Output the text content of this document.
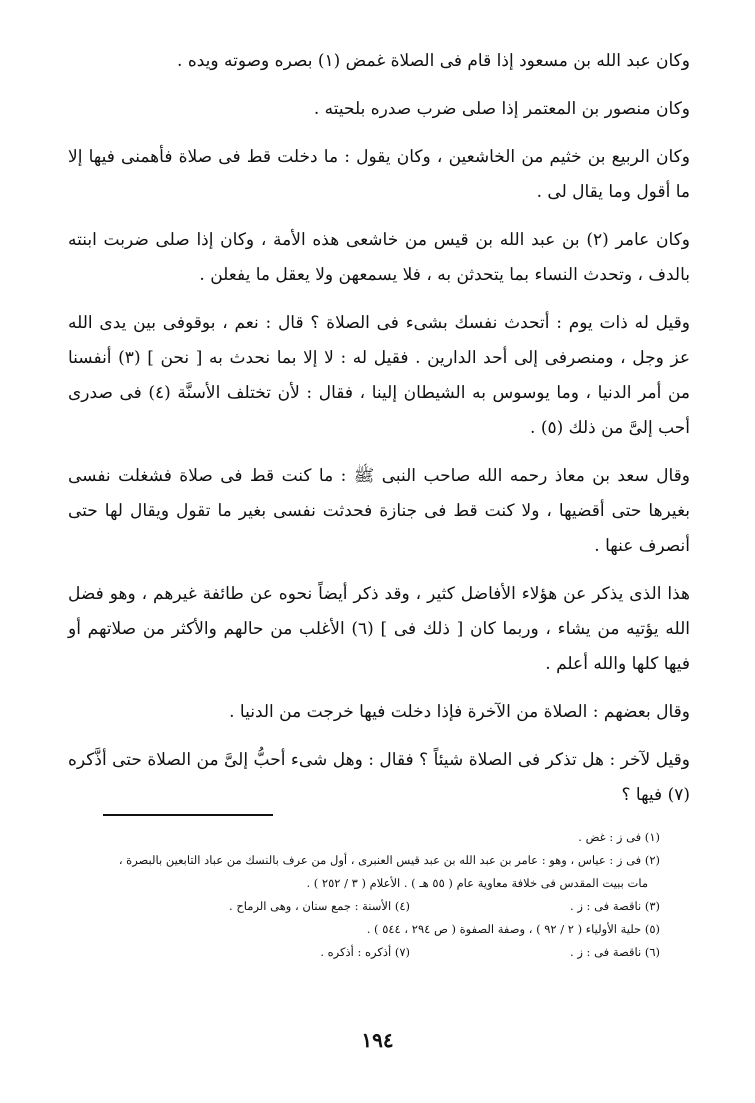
وكان عبد الله بن مسعود إذا قام فى الصلاة غمض (١) بصره وصوته ويده .

وكان منصور بن المعتمر إذا صلى ضرب صدره بلحيته .

وكان الربيع بن خثيم من الخاشعين ، وكان يقول : ما دخلت قط فى صلاة فأهمنى فيها إلا ما أقول وما يقال لى .

وكان عامر (٢) بن عبد الله بن قيس من خاشعى هذه الأمة ، وكان إذا صلى ضربت ابنته بالدف ، وتحدث النساء بما يتحدثن به ، فلا يسمعهن ولا يعقل ما يفعلن .

وقيل له ذات يوم : أتحدث نفسك بشىء فى الصلاة ؟ قال : نعم ، بوقوفى بين يدى الله عز وجل ، ومنصرفى إلى أحد الدارين . فقيل له : لا إلا بما نحدث به [ نحن ] (٣) أنفسنا من أمر الدنيا ، وما يوسوس به الشيطان إلينا ، فقال : لأن تختلف الأسنَّة (٤) فى صدرى أحب إلىَّ من ذلك (٥) .

وقال سعد بن معاذ رحمه الله صاحب النبى ﷺ : ما كنت قط فى صلاة فشغلت نفسى بغيرها حتى أقضيها ، ولا كنت قط فى جنازة فحدثت نفسى بغير ما تقول ويقال لها حتى أنصرف عنها .

هذا الذى يذكر عن هؤلاء الأفاضل كثير ، وقد ذكر أيضاً نحوه عن طائفة غيرهم ، وهو فضل الله يؤتيه من يشاء ، وربما كان [ ذلك فى ] (٦) الأغلب من حالهم والأكثر من صلاتهم أو فيها كلها والله أعلم .

وقال بعضهم : الصلاة من الآخرة فإذا دخلت فيها خرجت من الدنيا .

وقيل لآخر : هل تذكر فى الصلاة شيئاً ؟ فقال : وهل شىء أحبُّ إلىَّ من الصلاة حتى أذَّكره (٧) فيها ؟

(١) فى ز : غض .

(٢) فى ز : عياس ، وهو : عامر بن عبد الله بن عبد قيس العنبرى ، أول من عرف بالنسك من عباد التابعين بالبصرة ،

مات ببيت المقدس فى خلافة معاوية عام ( ٥٥ هـ ) . الأعلام ( ٣ / ٢٥٢ ) .

(٣) ناقصة فى : ز .
(٤) الأسنة : جمع سنان ، وهى الرماح .

(٥) حلية الأولياء ( ٢ / ٩٢ ) ، وصفة الصفوة ( ص ٢٩٤ ، ٥٤٤ ) .

(٦) ناقصة فى : ز .
(٧) أذكره : أذكره .
١٩٤
